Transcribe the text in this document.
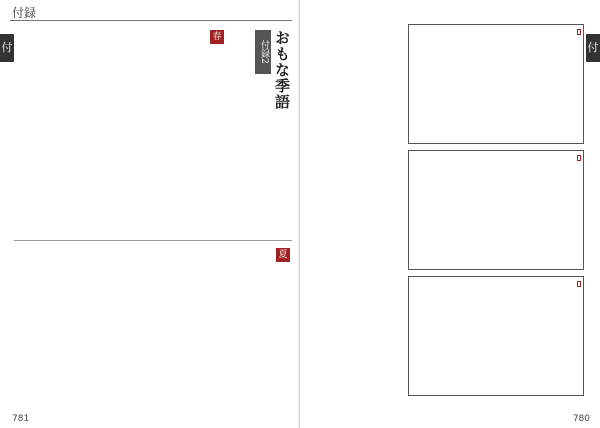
付録
付	付録2 おもな季語
春
夏
781
付
780
